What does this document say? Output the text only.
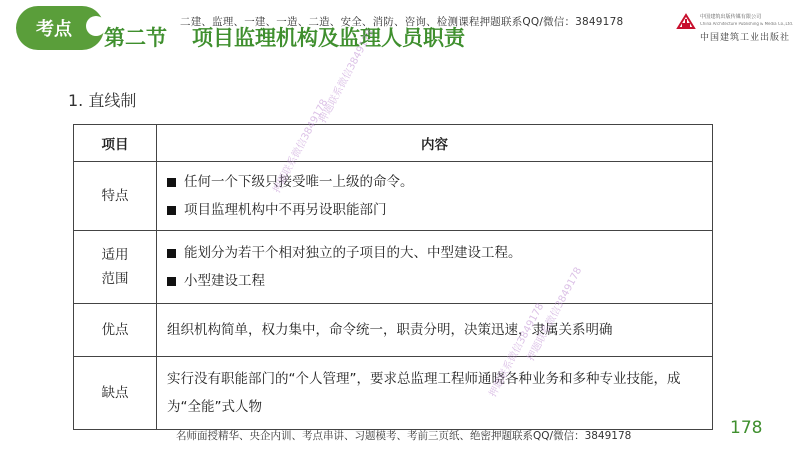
二建、监理、一建、一造、二造、安全、消防、咨询、检测课程押题联系QQ/微信：3849178
考点 第二节 项目监理机构及监理人员职责
中国建筑出版传媒有限公司
China Architecture Publishing & Media Co.,Ltd.
中国建筑工业出版社
1. 直线制
项目	内容
特点	任何一个下级只接受唯一上级的命令。
项目监理机构中不再另设职能部门

适用范围	能划分为若干个相对独立的子项目的大、中型建设工程。
小型建设工程

优点	组织机构简单，权力集中，命令统一，职责分明，决策迅速，隶属关系明确
缺点	实行没有职能部门的“个人管理”，要求总监理工程师通晓各种业务和多种专业技能，成为“全能”式人物
押题联系微信3849178
押题联系微信3849178
押题联系微信3849178
押题联系微信3849178
名师面授精华、央企内训、考点串讲、习题模考、考前三页纸、绝密押题联系QQ/微信：3849178	178
